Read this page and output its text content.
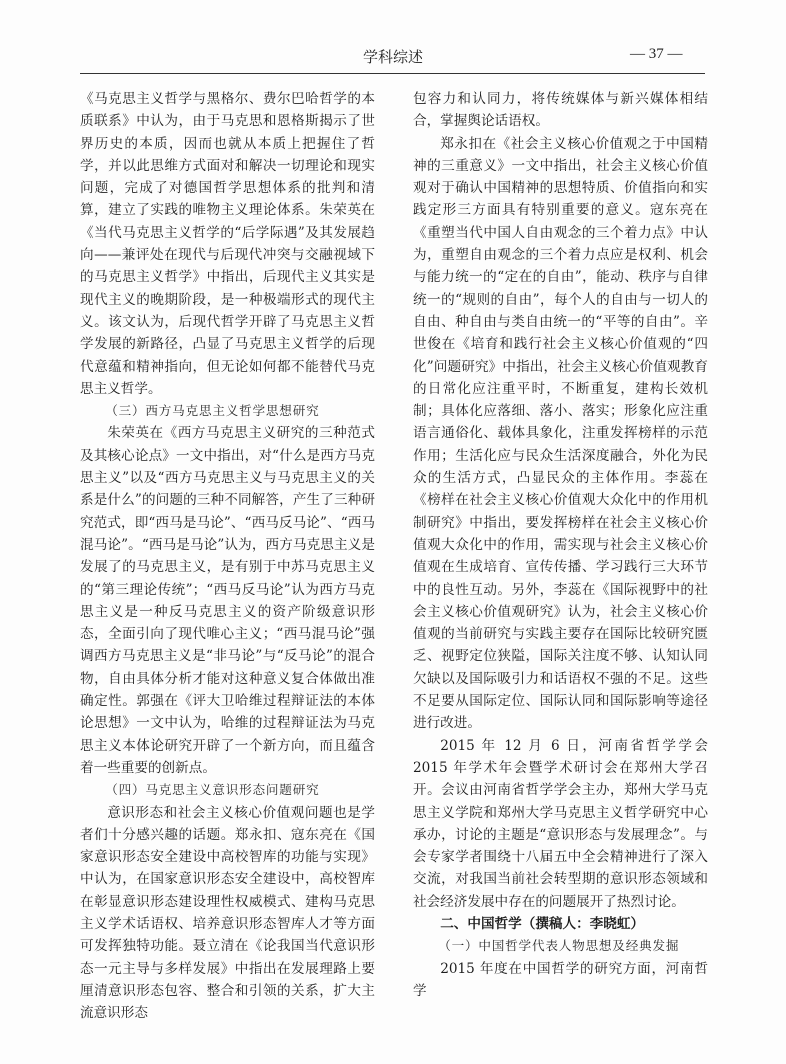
学科综述	— 37 —

《马克思主义哲学与黑格尔、费尔巴哈哲学的本质联系》中认为，由于马克思和恩格斯揭示了世界历史的本质，因而也就从本质上把握住了哲学，并以此思维方式面对和解决一切理论和现实问题，完成了对德国哲学思想体系的批判和清算，建立了实践的唯物主义理论体系。朱荣英在《当代马克思主义哲学的“后学际遇”及其发展趋向——兼评处在现代与后现代冲突与交融视域下的马克思主义哲学》中指出，后现代主义其实是现代主义的晚期阶段，是一种极端形式的现代主义。该文认为，后现代哲学开辟了马克思主义哲学发展的新路径，凸显了马克思主义哲学的后现代意蕴和精神指向，但无论如何都不能替代马克思主义哲学。

（三）西方马克思主义哲学思想研究

朱荣英在《西方马克思主义研究的三种范式及其核心论点》一文中指出，对“什么是西方马克思主义”以及“西方马克思主义与马克思主义的关系是什么”的问题的三种不同解答，产生了三种研究范式，即“西马是马论”、“西马反马论”、“西马混马论”。“西马是马论”认为，西方马克思主义是发展了的马克思主义，是有别于中苏马克思主义的“第三理论传统”；“西马反马论”认为西方马克思主义是一种反马克思主义的资产阶级意识形态，全面引向了现代唯心主义；“西马混马论”强调西方马克思主义是“非马论”与“反马论”的混合物，自由具体分析才能对这种意义复合体做出准确定性。郭强在《评大卫哈维过程辩证法的本体论思想》一文中认为，哈维的过程辩证法为马克思主义本体论研究开辟了一个新方向，而且蕴含着一些重要的创新点。

（四）马克思主义意识形态问题研究

意识形态和社会主义核心价值观问题也是学者们十分感兴趣的话题。郑永扣、寇东亮在《国家意识形态安全建设中高校智库的功能与实现》中认为，在国家意识形态安全建设中，高校智库在彰显意识形态建设理性权威模式、建构马克思主义学术话语权、培养意识形态智库人才等方面可发挥独特功能。聂立清在《论我国当代意识形态一元主导与多样发展》中指出在发展理路上要厘清意识形态包容、整合和引领的关系，扩大主流意识形态

包容力和认同力，将传统媒体与新兴媒体相结合，掌握舆论话语权。

郑永扣在《社会主义核心价值观之于中国精神的三重意义》一文中指出，社会主义核心价值观对于确认中国精神的思想特质、价值指向和实践定形三方面具有特别重要的意义。寇东亮在《重塑当代中国人自由观念的三个着力点》中认为，重塑自由观念的三个着力点应是权利、机会与能力统一的“定在的自由”，能动、秩序与自律统一的“规则的自由”，每个人的自由与一切人的自由、种自由与类自由统一的“平等的自由”。辛世俊在《培育和践行社会主义核心价值观的“四化”问题研究》中指出，社会主义核心价值观教育的日常化应注重平时，不断重复，建构长效机制；具体化应落细、落小、落实；形象化应注重语言通俗化、载体具象化，注重发挥榜样的示范作用；生活化应与民众生活深度融合，外化为民众的生活方式，凸显民众的主体作用。李蕊在《榜样在社会主义核心价值观大众化中的作用机制研究》中指出，要发挥榜样在社会主义核心价值观大众化中的作用，需实现与社会主义核心价值观在生成培育、宣传传播、学习践行三大环节中的良性互动。另外，李蕊在《国际视野中的社会主义核心价值观研究》认为，社会主义核心价值观的当前研究与实践主要存在国际比较研究匮乏、视野定位狭隘，国际关注度不够、认知认同欠缺以及国际吸引力和话语权不强的不足。这些不足要从国际定位、国际认同和国际影响等途径进行改进。

2015 年 12 月 6 日，河南省哲学学会 2015 年学术年会暨学术研讨会在郑州大学召开。会议由河南省哲学学会主办，郑州大学马克思主义学院和郑州大学马克思主义哲学研究中心承办，讨论的主题是“意识形态与发展理念”。与会专家学者围绕十八届五中全会精神进行了深入交流，对我国当前社会转型期的意识形态领域和社会经济发展中存在的问题展开了热烈讨论。

二、中国哲学（撰稿人：李晓虹）

（一）中国哲学代表人物思想及经典发掘

2015 年度在中国哲学的研究方面，河南哲学
